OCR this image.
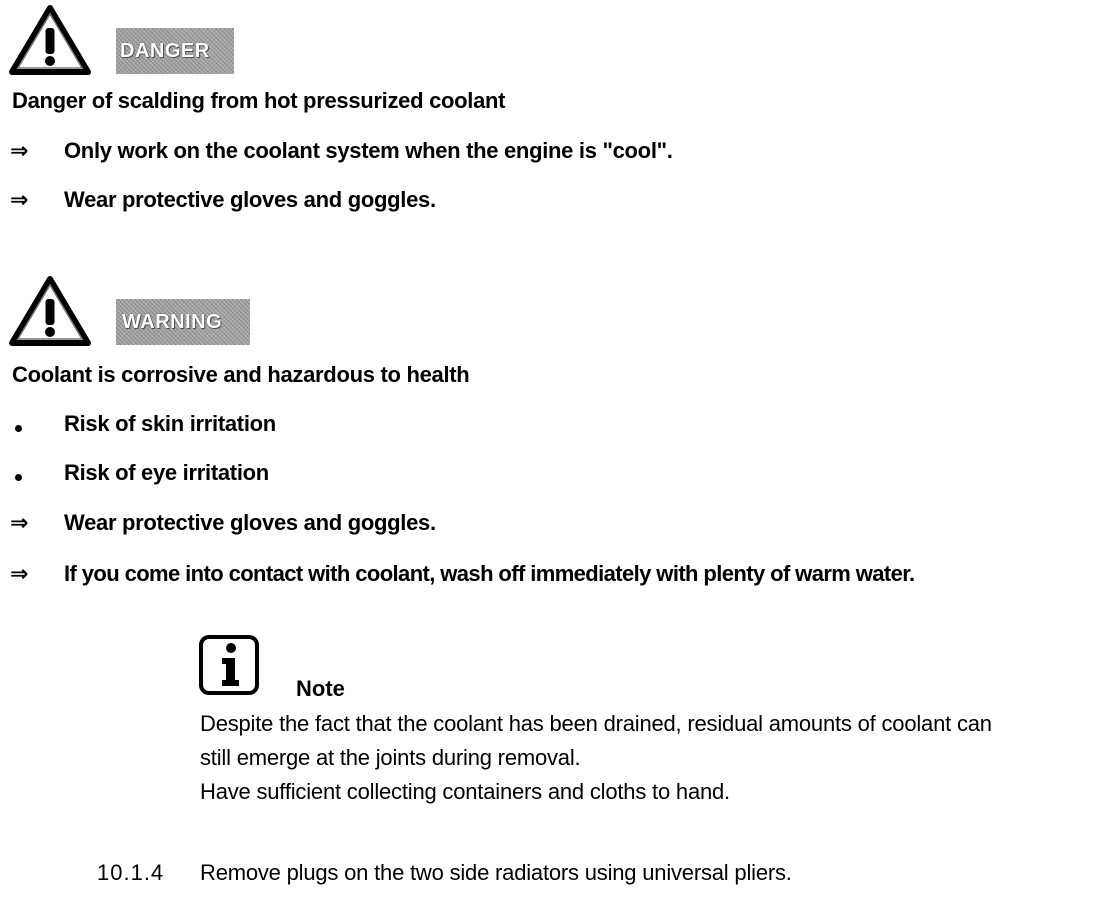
DANGER
Danger of scalding from hot pressurized coolant
⇒	Only work on the coolant system when the engine is "cool".
⇒	Wear protective gloves and goggles.
WARNING
Coolant is corrosive and hazardous to health
Risk of skin irritation
Risk of eye irritation
⇒	Wear protective gloves and goggles.
⇒	If you come into contact with coolant, wash off immediately with plenty of warm water.
Note
Despite the fact that the coolant has been drained, residual amounts of coolant can
still emerge at the joints during removal.
Have sufficient collecting containers and cloths to hand.
10.1.4 Remove plugs on the two side radiators using universal pliers.
